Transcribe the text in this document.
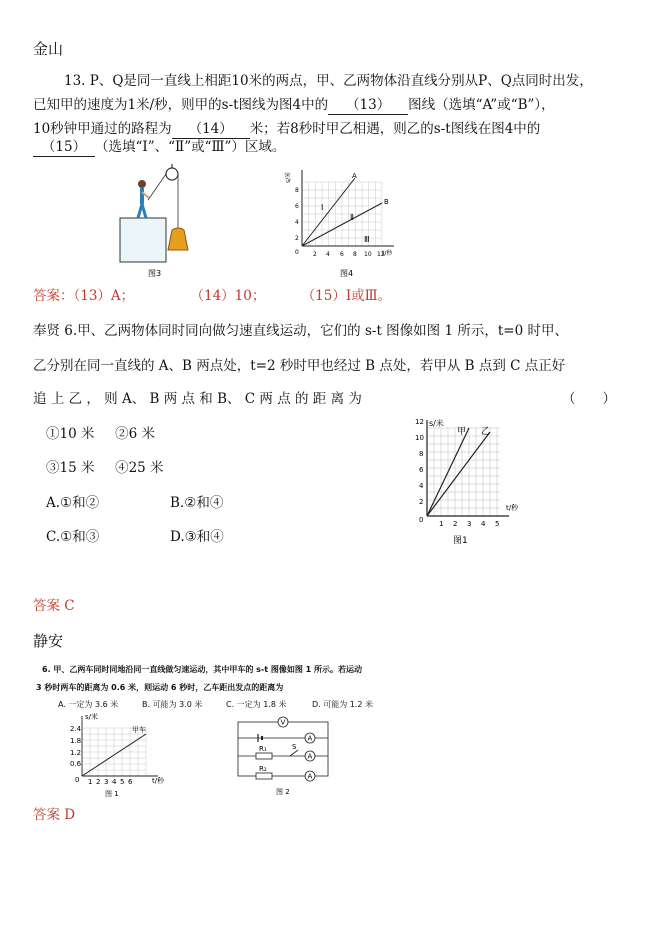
金山
13. P、Q是同一直线上相距10米的两点，甲、乙两物体沿直线分别从P、Q点同时出发，
已知甲的速度为1米/秒，则甲的s-t图线为图4中的 （13） 图线（选填“A”或“B”），
10秒钟甲通过的路程为 （14） 米；若8秒时甲乙相遇，则乙的s-t图线在图4中的
（15） （选填“Ⅰ”、“Ⅱ”或“Ⅲ”）区域。
图3
A
B
Ⅰ
Ⅱ
Ⅲ
s/米
t/秒
2
4
6
8
0 2 4 6 8 10 12
图4
答案：（13）A；	（14）10；	（15）Ⅰ或Ⅲ。
奉贤 6.甲、乙两物体同时同向做匀速直线运动，它们的 s-t 图像如图 1 所示，t=0 时甲、
乙分别在同一直线的 A、B 两点处，t=2 秒时甲也经过 B 点处，若甲从 B 点到 C 点正好
追 上 乙 ， 则 A、 B 两 点 和 B、 C 两 点 的 距 离 为	（　　）
①10 米 ②6 米
③15 米 ④25 米
A.①和②	B.②和④
C.①和③	D.③和④
甲 乙
s/米
t/秒
2
4
6
8
10
12
0 1 2 3 4 5
图1
答案 C
静安
6. 甲、乙两车同时同地沿同一直线做匀速运动，其中甲车的 s-t 图像如图 1 所示。若运动
3 秒时两车的距离为 0.6 米，则运动 6 秒时，乙车距出发点的距离为
A. 一定为 3.6 米	B. 可能为 3.0 米	C. 一定为 1.8 米	D. 可能为 1.2 米
甲车
s/米
t/秒
0.6
1.2
1.8
2.4
0 1 2 3 4 5 6
图 1
R₁
R₂
S
V
A
A
A
图 2
答案 D
